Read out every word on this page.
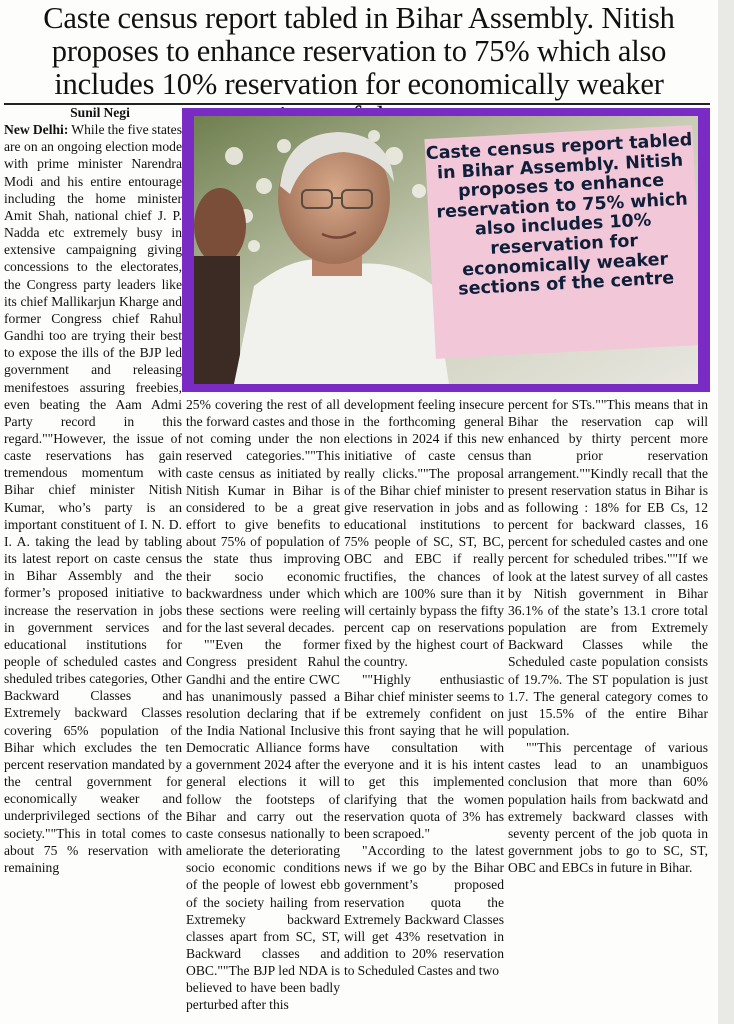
Caste census report tabled in Bihar Assembly. Nitish proposes to enhance reservation to 75% which also includes 10% reservation for economically weaker
Caste census report tabled in Bihar Assembly. Nitish proposes to enhance reservation to 75% which also includes 10% reservation for economically weaker sections of the centre
Sunil Negi

New Delhi: While the five states are on an ongoing election mode with prime minister Narendra Modi and his entire entourage including the home minister Amit Shah, national chief J. P. Nadda etc extremely busy in extensive campaigning giving concessions to the electorates, the Congress party leaders like its chief Mallikarjun Kharge and former Congress chief Rahul Gandhi too are trying their best to expose the ills of the BJP led government and releasing menifestoes assuring freebies, even beating the Aam Admi Party record in this regard.""However, the issue of caste reservations has gain tremendous momentum with Bihar chief minister Nitish Kumar, who’s party is an important constituent of I. N. D. I. A. taking the lead by tabling its latest report on caste census in Bihar Assembly and the former’s proposed initiative to increase the reservation in jobs in government services and educational institutions for people of scheduled castes and sheduled tribes categories, Other Backward Classes and Extremely backward Classes covering 65% population of Bihar which excludes the ten percent reservation mandated by the central government for economically weaker and underprivileged sections of the society.""This in total comes to about 75 % reservation with remaining

25% covering the rest of all the forward castes and those not coming under the non reserved categories.""This caste census as initiated by Nitish Kumar in Bihar is considered to be a great effort to give benefits to about 75% of population of the state thus improving their socio economic backwardness under which these sections were reeling for the last several decades.

""Even the former Congress president Rahul Gandhi and the entire CWC has unanimously passed a resolution declaring that if the India National Inclusive Democratic Alliance forms a government 2024 after the general elections it will follow the footsteps of Bihar and carry out the caste consesus nationally to ameliorate the deteriorating socio economic conditions of the people of lowest ebb of the society hailing from Extremeky backward classes apart from SC, ST, Backward classes and OBC.""The BJP led NDA is believed to have been badly perturbed after this

development feeling insecure in the forthcoming general elections in 2024 if this new initiative of caste census really clicks.""The proposal of the Bihar chief minister to give reservation in jobs and educational institutions to 75% people of SC, ST, BC, OBC and EBC if really fructifies, the chances of which are 100% sure than it will certainly bypass the fifty percent cap on reservations fixed by the highest court of the country.

""Highly enthusiastic Bihar chief minister seems to be extremely confident on this front saying that he will have consultation with everyone and it is his intent to get this implemented clarifying that the women reservation quota of 3% has been scrapoed."

"According to the latest news if we go by the Bihar government’s proposed reservation quota the Extremely Backward Classes will get 43% resetvation in addition to 20% reservation to Scheduled Castes and two

percent for STs.""This means that in Bihar the reservation cap will enhanced by thirty percent more than prior reservation arrangement.""Kindly recall that the present reservation status in Bihar is as following : 18% for EB Cs, 12 percent for backward classes, 16 percent for scheduled castes and one percent for scheduled tribes.""If we look at the latest survey of all castes by Nitish government in Bihar 36.1% of the state’s 13.1 crore total population are from Extremely Backward Classes while the Scheduled caste population consists of 19.7%. The ST population is just 1.7. The general category comes to just 15.5% of the entire Bihar population.

""This percentage of various castes lead to an unambiguos conclusion that more than 60% population hails from backwatd and extremely backward classes with seventy percent of the job quota in government jobs to go to SC, ST, OBC and EBCs in future in Bihar.
